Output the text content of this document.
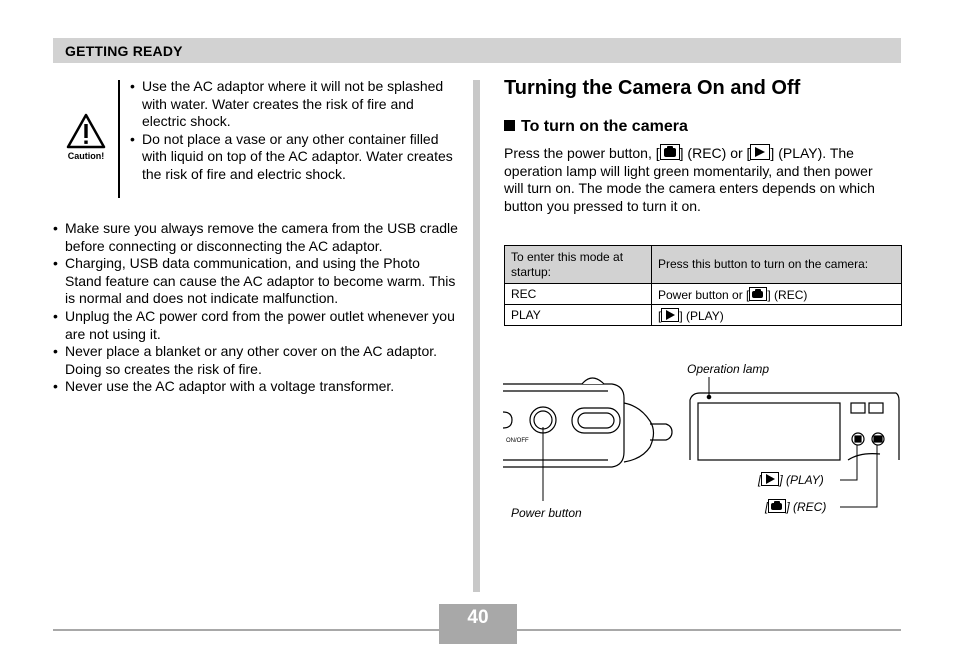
GETTING READY
Caution!
• Use the AC adaptor where it will not be splashed with water. Water creates the risk of fire and electric shock.
• Do not place a vase or any other container filled with liquid on top of the AC adaptor. Water creates the risk of fire and electric shock.
• Make sure you always remove the camera from the USB cradle before connecting or disconnecting the AC adaptor.
• Charging, USB data communication, and using the Photo Stand feature can cause the AC adaptor to become warm. This is normal and does not indicate malfunction.
• Unplug the AC power cord from the power outlet whenever you are not using it.
• Never place a blanket or any other cover on the AC adaptor. Doing so creates the risk of fire.
• Never use the AC adaptor with a voltage transformer.
Turning the Camera On and Off
To turn on the camera
Press the power button, [ ] (REC) or [ ] (PLAY). The operation lamp will light green momentarily, and then power will turn on. The mode the camera enters depends on which button you pressed to turn it on.
To enter this mode at startup:	Press this button to turn on the camera:
REC	Power button or [ ] (REC)
PLAY	[ ] (PLAY)
ON/OFF
Operation lamp
Power button
[ ] (PLAY)
[ ] (REC)
40
